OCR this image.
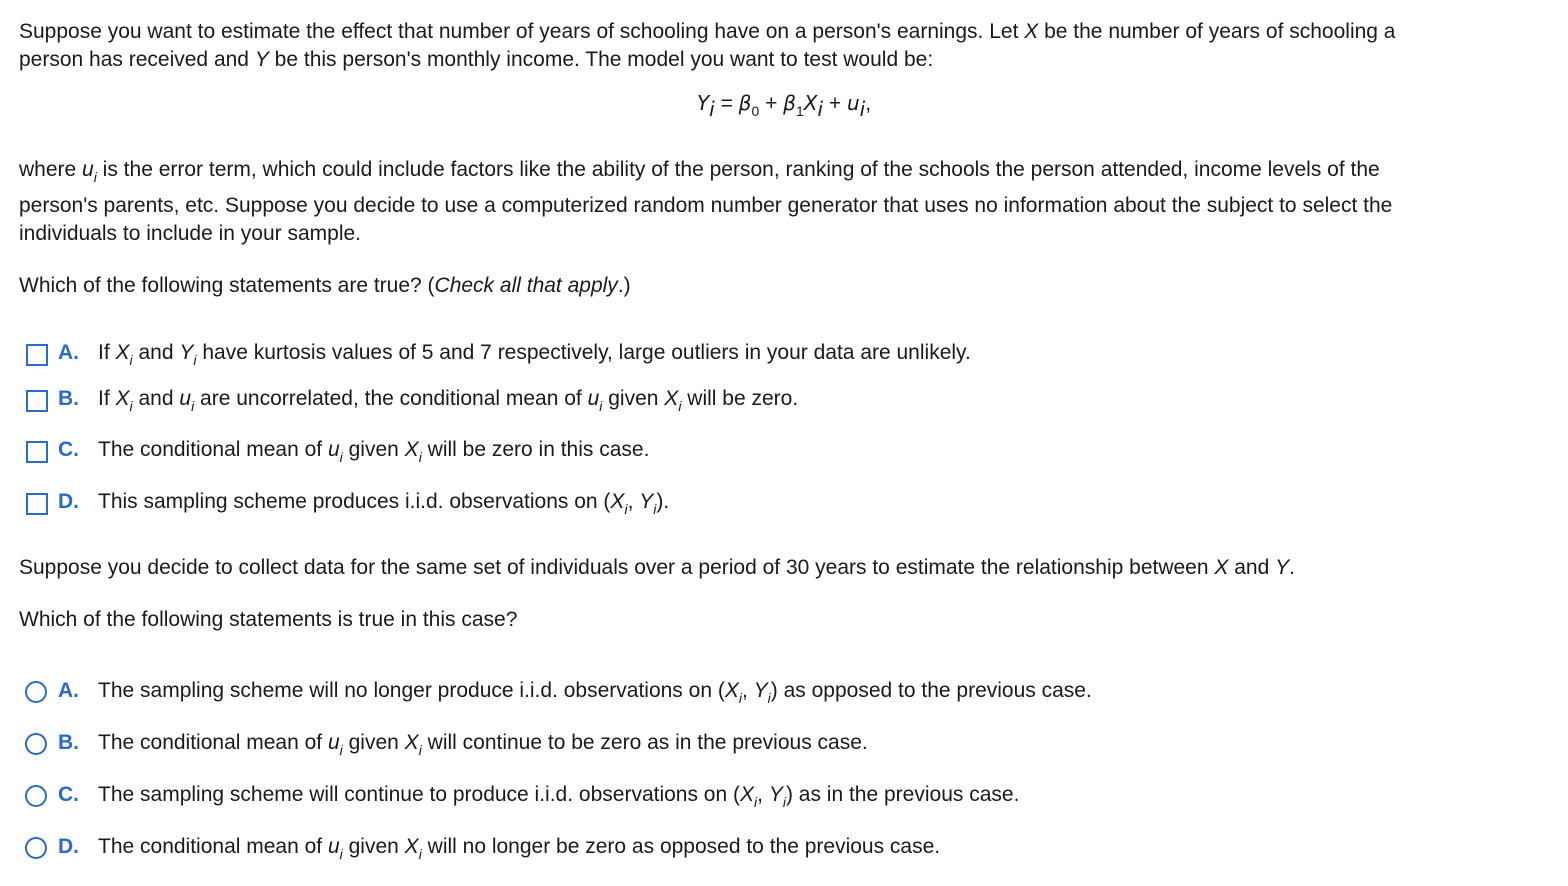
Suppose you want to estimate the effect that number of years of schooling have on a person's earnings. Let X be the number of years of schooling a
person has received and Y be this person's monthly income. The model you want to test would be:
$Y_i = \beta_0 + \beta_1X_i + u_i$,
where $u_i$ is the error term, which could include factors like the ability of the person, ranking of the schools the person attended, income levels of the
person's parents, etc. Suppose you decide to use a computerized random number generator that uses no information about the subject to select the
individuals to include in your sample.
Which of the following statements are true? (Check all that apply.)
A. If $X_i$ and $Y_i$ have kurtosis values of 5 and 7 respectively, large outliers in your data are unlikely.
B. If $X_i$ and $u_i$ are uncorrelated, the conditional mean of $u_i$ given $X_i$ will be zero.
C. The conditional mean of $u_i$ given $X_i$ will be zero in this case.
D. This sampling scheme produces i.i.d. observations on ($X_i$, $Y_i$).
Suppose you decide to collect data for the same set of individuals over a period of 30 years to estimate the relationship between X and Y.
Which of the following statements is true in this case?
A. The sampling scheme will no longer produce i.i.d. observations on ($X_i$, $Y_i$) as opposed to the previous case.
B. The conditional mean of $u_i$ given $X_i$ will continue to be zero as in the previous case.
C. The sampling scheme will continue to produce i.i.d. observations on ($X_i$, $Y_i$) as in the previous case.
D. The conditional mean of $u_i$ given $X_i$ will no longer be zero as opposed to the previous case.
